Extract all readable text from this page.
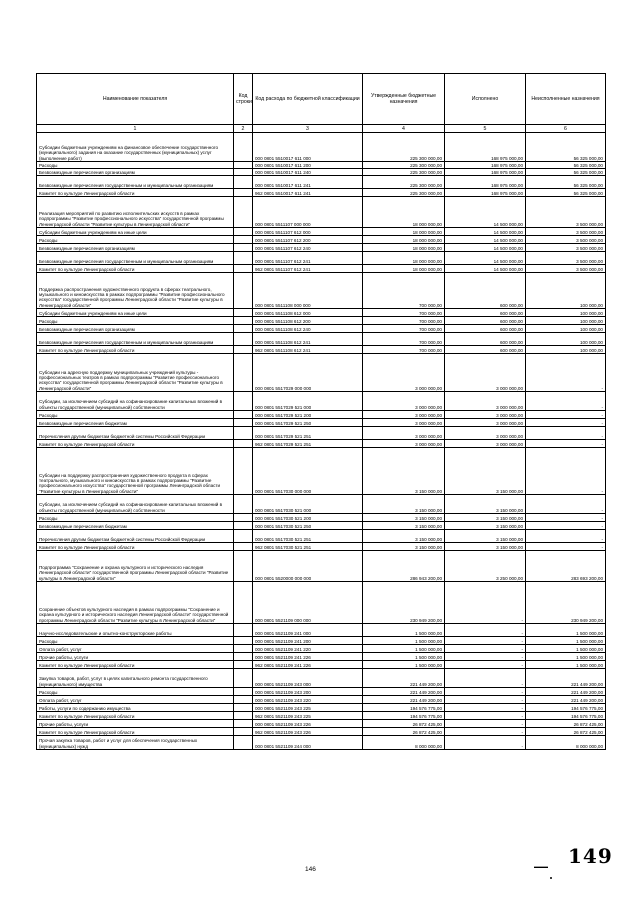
Наименование показателя	Код строки	Код расхода по бюджетной классификации	Утвержденные бюджетные назначения	Исполнено	Неисполненные назначения
1	2	3	4	5	6
Субсидии бюджетным учреждениям на финансовое обеспечение государственного (муниципального) задания на оказание государственных (муниципальных) услуг (выполнение работ)		000 0801 5510017 611 000	225 300 000,00	168 975 000,00	56 325 000,00
Расходы		000 0801 5510017 611 200	225 300 000,00	168 975 000,00	56 325 000,00
Безвозмездные перечисления организациям		000 0801 5510017 611 240	225 300 000,00	168 975 000,00	56 325 000,00
Безвозмездные перечисления государственным и муниципальным организациям		000 0801 5510017 611 241	225 300 000,00	168 975 000,00	56 325 000,00
Комитет по культуре Ленинградской области		962 0801 5510017 611 241	225 300 000,00	168 975 000,00	56 325 000,00
Реализация мероприятий по развитию исполнительских искусств в рамках подпрограммы "Развитие профессионального искусства" государственной программы Ленинградской области "Развитие культуры в Ленинградской области"		000 0801 5511107 000 000	18 000 000,00	14 500 000,00	3 500 000,00
Субсидии бюджетным учреждениям на иные цели		000 0801 5511107 612 000	18 000 000,00	14 500 000,00	3 500 000,00
Расходы		000 0801 5511107 612 200	18 000 000,00	14 500 000,00	3 500 000,00
Безвозмездные перечисления организациям		000 0801 5511107 612 240	18 000 000,00	14 500 000,00	3 500 000,00
Безвозмездные перечисления государственным и муниципальным организациям		000 0801 5511107 612 241	18 000 000,00	14 500 000,00	3 500 000,00
Комитет по культуре Ленинградской области		962 0801 5511107 612 241	18 000 000,00	14 500 000,00	3 500 000,00
Поддержка распространения художественного продукта в сферах театрального, музыкального и киноискусства в рамках подпрограммы "Развитие профессионального искусства" государственной программы Ленинградской области "Развитие культуры в Ленинградской области"		000 0801 5511108 000 000	700 000,00	600 000,00	100 000,00
Субсидии бюджетным учреждениям на иные цели		000 0801 5511108 612 000	700 000,00	600 000,00	100 000,00
Расходы		000 0801 5511108 612 200	700 000,00	600 000,00	100 000,00
Безвозмездные перечисления организациям		000 0801 5511108 612 240	700 000,00	600 000,00	100 000,00
Безвозмездные перечисления государственным и муниципальным организациям		000 0801 5511108 612 241	700 000,00	600 000,00	100 000,00
Комитет по культуре Ленинградской области		962 0801 5511108 612 241	700 000,00	600 000,00	100 000,00
Субсидии на адресную поддержку муниципальных учреждений культуры - профессиональных театров в рамках подпрограммы "Развитие профессионального искусства" государственной программы Ленинградской области "Развитие культуры в Ленинградской области"		000 0801 5517029 000 000	3 000 000,00	3 000 000,00	-
Субсидии, за исключением субсидий на софинансирование капитальных вложений в объекты государственной (муниципальной) собственности		000 0801 5517029 521 000	3 000 000,00	3 000 000,00	-
Расходы		000 0801 5517029 521 200	3 000 000,00	3 000 000,00	-
Безвозмездные перечисления бюджетам		000 0801 5517029 521 250	3 000 000,00	3 000 000,00	-
Перечисления другим бюджетам бюджетной системы Российской Федерации		000 0801 5517029 521 251	3 000 000,00	3 000 000,00	-
Комитет по культуре Ленинградской области		962 0801 5517029 521 251	3 000 000,00	3 000 000,00	-
Субсидии на поддержку распространения художественного продукта в сферах театрального, музыкального и киноискусства в рамках подпрограммы "Развитие профессионального искусства" государственной программы Ленинградской области "Развитие культуры в Ленинградской области"		000 0801 5517030 000 000	3 150 000,00	3 150 000,00	-
Субсидии, за исключением субсидий на софинансирование капитальных вложений в объекты государственной (муниципальной) собственности		000 0801 5517030 521 000	3 150 000,00	3 150 000,00	-
Расходы		000 0801 5517030 521 200	3 150 000,00	3 150 000,00	-
Безвозмездные перечисления бюджетам		000 0801 5517030 521 250	3 150 000,00	3 150 000,00	-
Перечисления другим бюджетам бюджетной системы Российской Федерации		000 0801 5517030 521 251	3 150 000,00	3 150 000,00	-
Комитет по культуре Ленинградской области		962 0801 5517030 521 251	3 150 000,00	3 150 000,00	-
Подпрограмма "Сохранение и охрана культурного и исторического наследия Ленинградской области" государственной программы Ленинградской области "Развитие культуры в Ленинградской области"		000 0801 5520000 000 000	286 943 200,00	3 250 000,00	283 693 200,00
Сохранение объектов культурного наследия в рамках подпрограммы "Сохранение и охрана культурного и исторического наследия Ленинградской области" государственной программы Ленинградской области "Развитие культуры в Ленинградской области"		000 0801 5521109 000 000	230 949 200,00	-	230 949 200,00
Научно-исследовательские и опытно-конструкторские работы		000 0801 5521109 241 000	1 500 000,00	-	1 500 000,00
Расходы		000 0801 5521109 241 200	1 500 000,00	-	1 500 000,00
Оплата работ, услуг		000 0801 5521109 241 220	1 500 000,00	-	1 500 000,00
Прочие работы, услуги		000 0801 5521109 241 226	1 500 000,00	-	1 500 000,00
Комитет по культуре Ленинградской области		962 0801 5521109 241 226	1 500 000,00	-	1 500 000,00
Закупка товаров, работ, услуг в целях капитального ремонта государственного (муниципального) имущества		000 0801 5521109 243 000	221 449 200,00	-	221 449 200,00
Расходы		000 0801 5521109 243 200	221 449 200,00	-	221 449 200,00
Оплата работ, услуг		000 0801 5521109 243 220	221 449 200,00	-	221 449 200,00
Работы, услуги по содержанию имущества		000 0801 5521109 243 225	194 576 775,00	-	194 576 775,00
Комитет по культуре Ленинградской области		962 0801 5521109 243 225	194 576 775,00	-	194 576 775,00
Прочие работы, услуги		000 0801 5521109 243 226	26 872 425,00	-	26 872 425,00
Комитет по культуре Ленинградской области		962 0801 5521109 243 226	26 872 425,00	-	26 872 425,00
Прочая закупка товаров, работ и услуг для обеспечения государственных (муниципальных) нужд		000 0801 5521109 244 000	8 000 000,00	-	8 000 000,00
— 149
146
